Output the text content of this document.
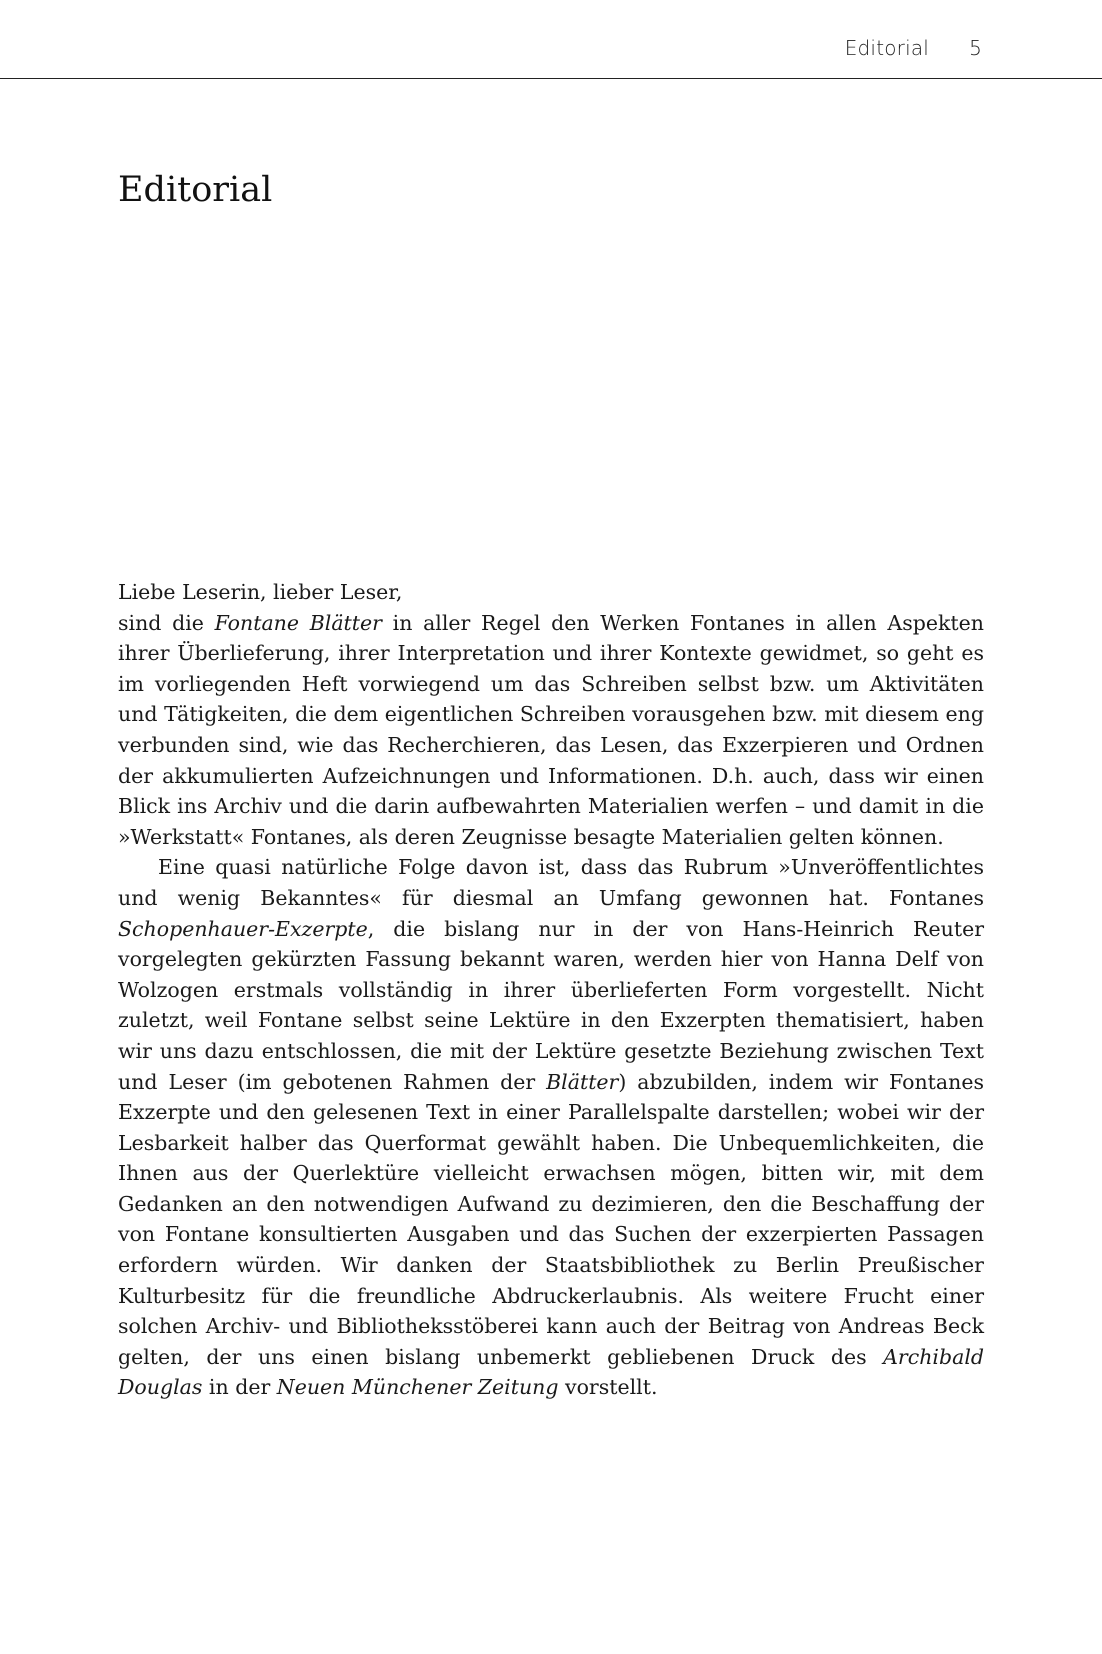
Editorial 5
Editorial

Liebe Leserin, lieber Leser,

sind die Fontane Blätter in aller Regel den Werken Fontanes in allen Aspekten ihrer Überlieferung, ihrer Interpretation und ihrer Kontexte gewidmet, so geht es im vorliegenden Heft vorwiegend um das Schreiben selbst bzw. um Aktivitäten und Tätigkeiten, die dem eigentlichen Schreiben vorausgehen bzw. mit diesem eng verbunden sind, wie das Recherchieren, das Lesen, das Exzerpieren und Ordnen der akkumulierten Aufzeichnungen und Informationen. D.h. auch, dass wir einen Blick ins Archiv und die darin aufbewahrten Materialien werfen – und damit in die »Werkstatt« Fontanes, als deren Zeugnisse besagte Materialien gelten können.

Eine quasi natürliche Folge davon ist, dass das Rubrum »Unveröffentlichtes und wenig Bekanntes« für diesmal an Umfang gewonnen hat. Fontanes Schopenhauer-Exzerpte, die bislang nur in der von Hans-Heinrich Reuter vorgelegten gekürzten Fassung bekannt waren, werden hier von Hanna Delf von Wolzogen erstmals vollständig in ihrer überlieferten Form vorgestellt. Nicht zuletzt, weil Fontane selbst seine Lektüre in den Exzerpten thematisiert, haben wir uns dazu entschlossen, die mit der Lektüre gesetzte Beziehung zwischen Text und Leser (im gebotenen Rahmen der Blätter) abzubilden, indem wir Fontanes Exzerpte und den gelesenen Text in einer Parallelspalte darstellen; wobei wir der Lesbarkeit halber das Querformat gewählt haben. Die Unbequemlichkeiten, die Ihnen aus der Querlektüre vielleicht erwachsen mögen, bitten wir, mit dem Gedanken an den notwendigen Aufwand zu dezimieren, den die Beschaffung der von Fontane konsultierten Ausgaben und das Suchen der exzerpierten Passagen erfordern würden. Wir danken der Staatsbibliothek zu Berlin Preußischer Kulturbesitz für die freundliche Abdruckerlaubnis. Als weitere Frucht einer solchen Archiv- und Bibliotheksstöberei kann auch der Beitrag von Andreas Beck gelten, der uns einen bislang unbemerkt gebliebenen Druck des Archibald Douglas in der Neuen Münchener Zeitung vorstellt.
